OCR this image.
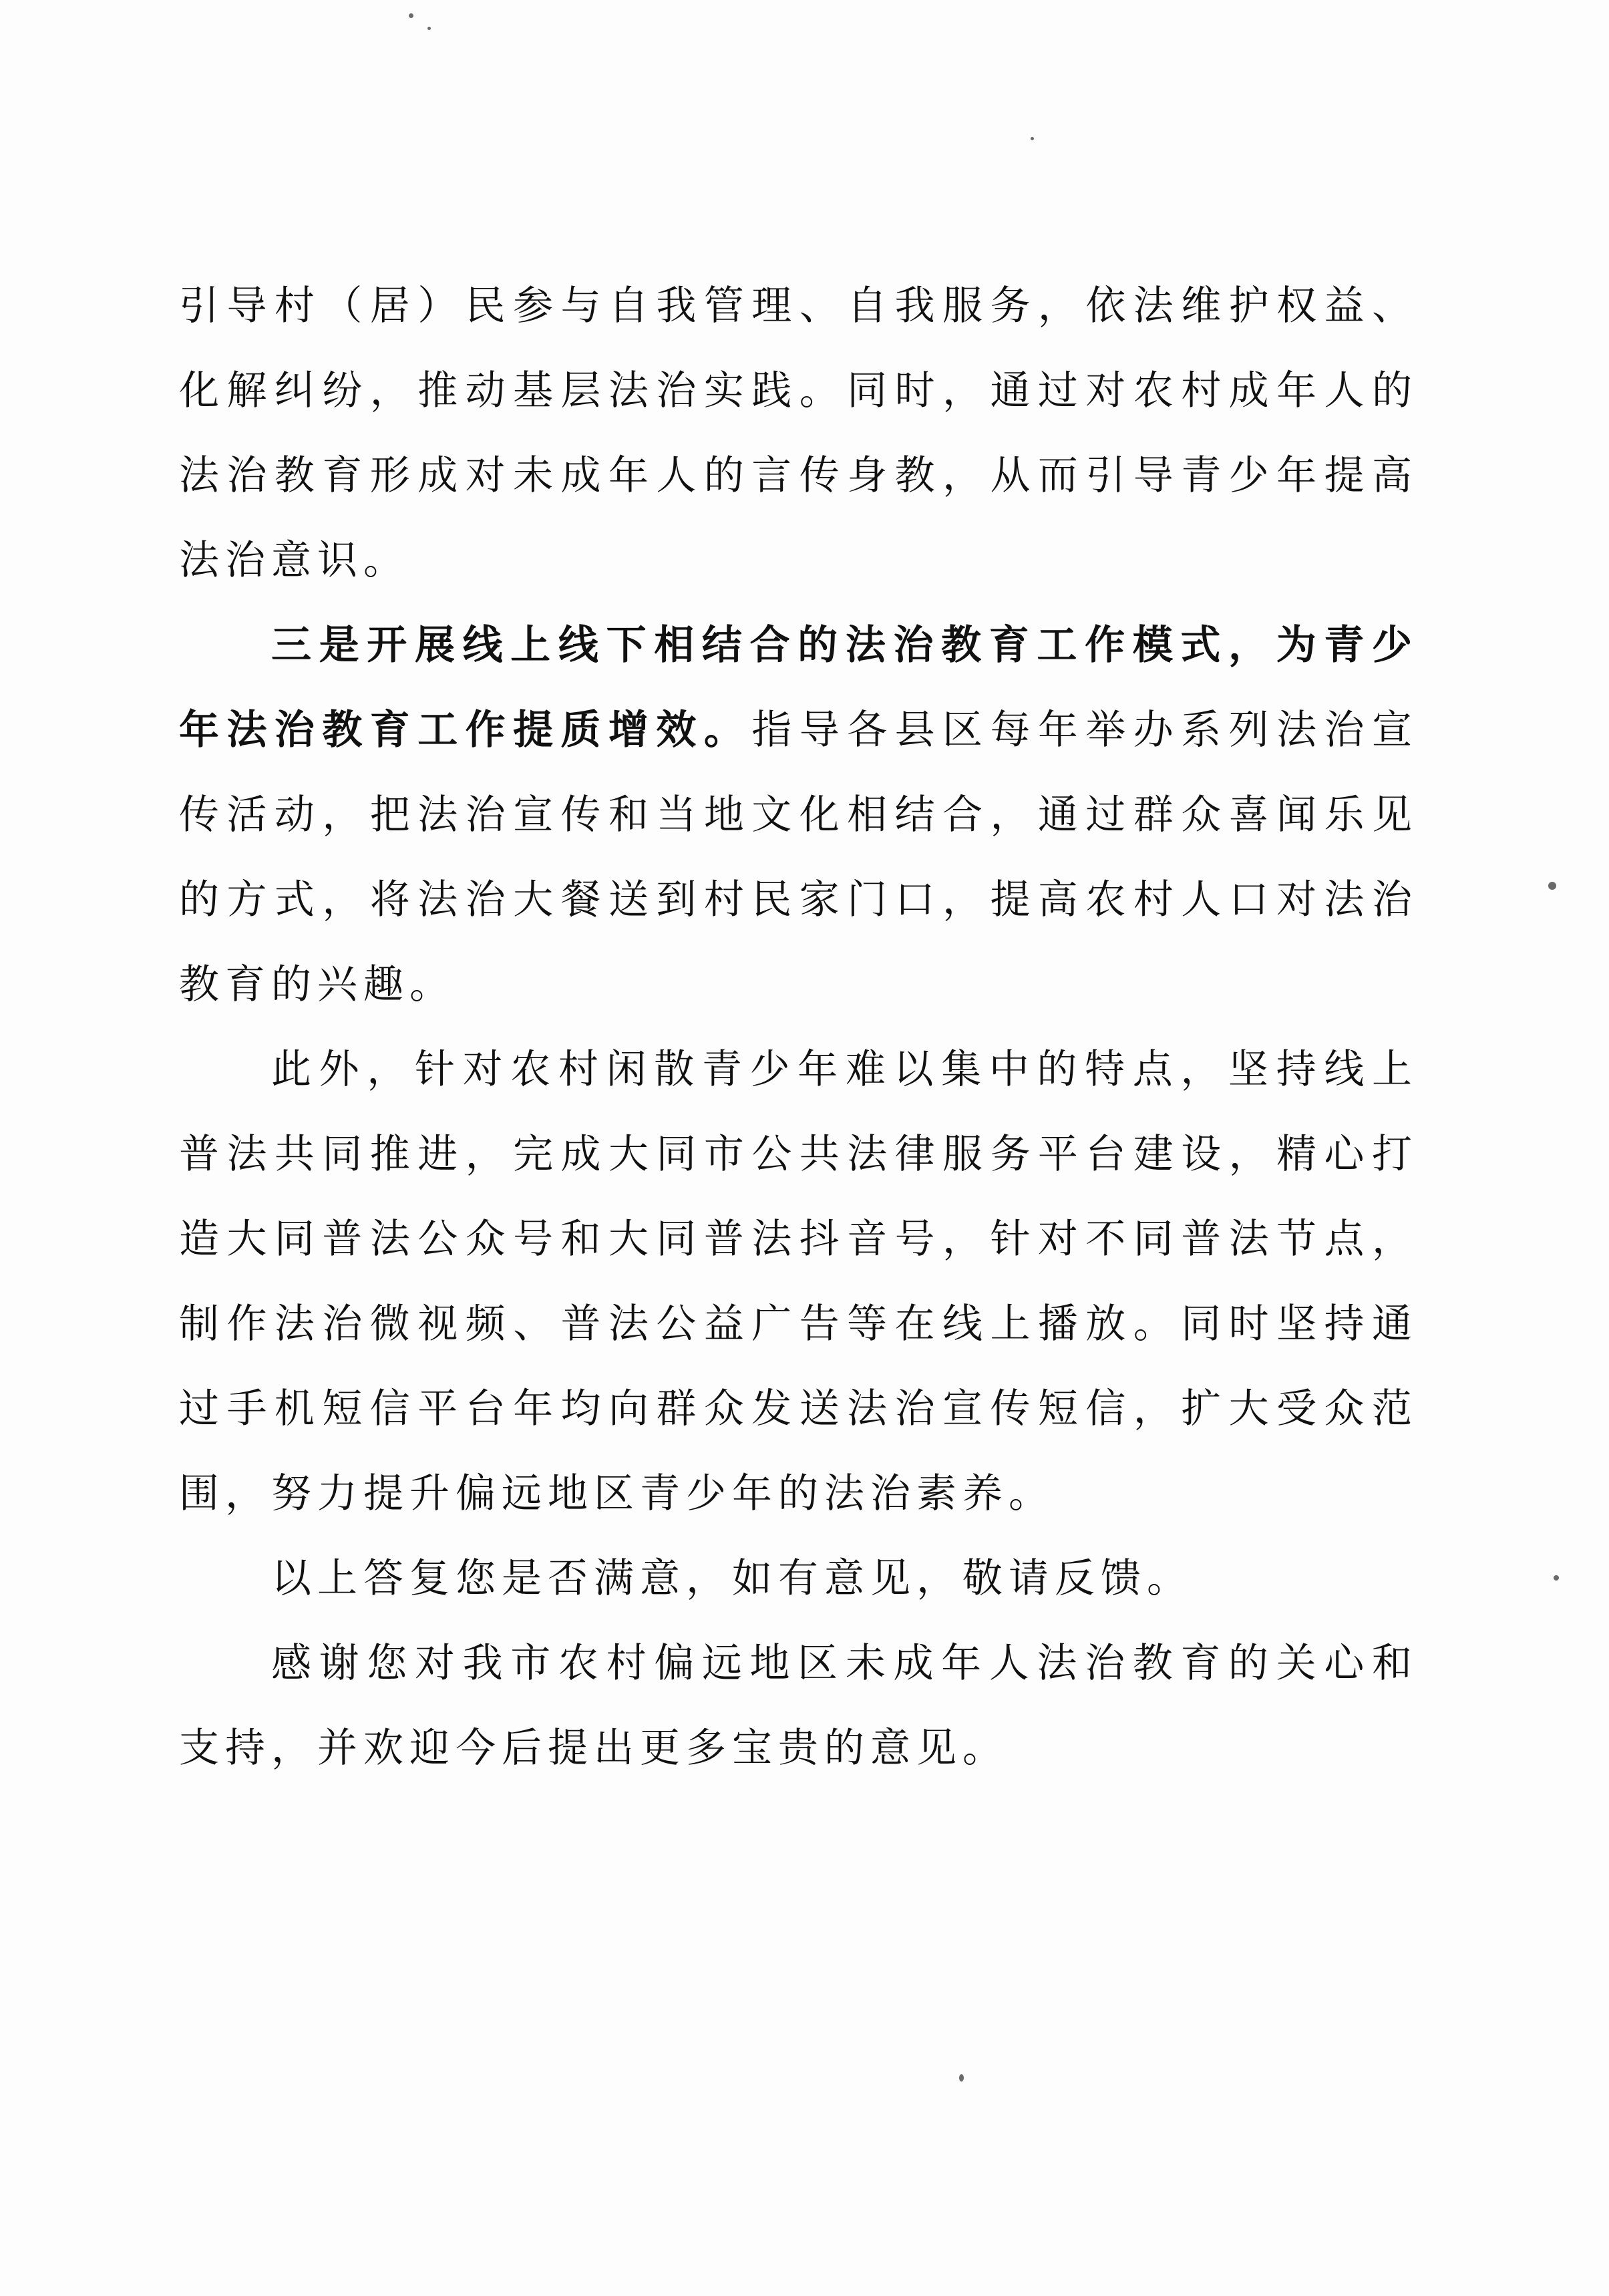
引导村（居）民参与自我管理、自我服务，依法维护权益、化解纠纷，推动基层法治实践。同时，通过对农村成年人的法治教育形成对未成年人的言传身教，从而引导青少年提高法治意识。

三是开展线上线下相结合的法治教育工作模式，为青少年法治教育工作提质增效。指导各县区每年举办系列法治宣传活动，把法治宣传和当地文化相结合，通过群众喜闻乐见的方式，将法治大餐送到村民家门口，提高农村人口对法治教育的兴趣。

此外，针对农村闲散青少年难以集中的特点，坚持线上普法共同推进，完成大同市公共法律服务平台建设，精心打造大同普法公众号和大同普法抖音号，针对不同普法节点，制作法治微视频、普法公益广告等在线上播放。同时坚持通过手机短信平台年均向群众发送法治宣传短信，扩大受众范围，努力提升偏远地区青少年的法治素养。

以上答复您是否满意，如有意见，敬请反馈。

感谢您对我市农村偏远地区未成年人法治教育的关心和支持，并欢迎今后提出更多宝贵的意见。
